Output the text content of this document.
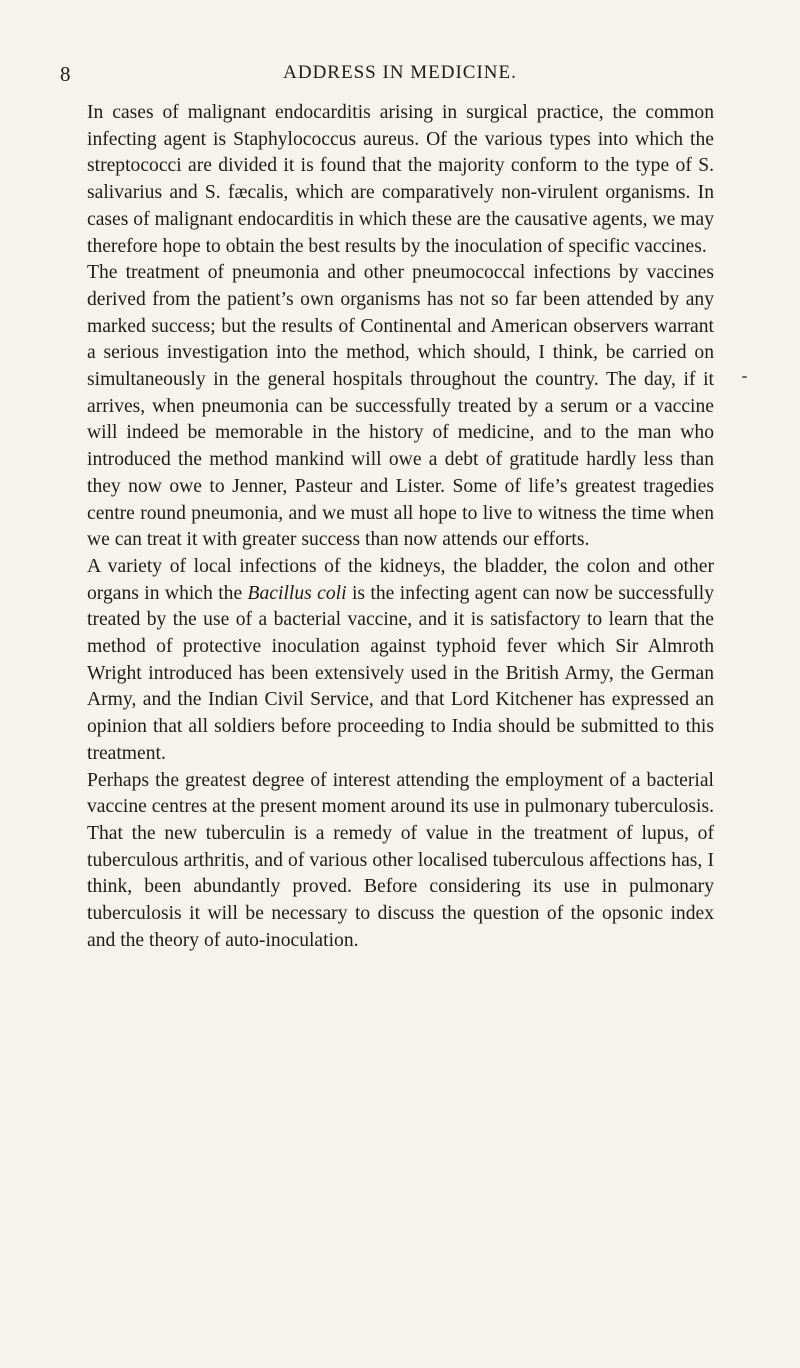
8	ADDRESS IN MEDICINE.

In cases of malignant endocarditis arising in surgical practice, the common infecting agent is Staphylococcus aureus. Of the various types into which the streptococci are divided it is found that the majority conform to the type of S. salivarius and S. fæcalis, which are comparatively non-virulent organisms. In cases of malignant endocarditis in which these are the causative agents, we may therefore hope to obtain the best results by the inoculation of specific vaccines.

The treatment of pneumonia and other pneumococcal infections by vaccines derived from the patient’s own organisms has not so far been attended by any marked success; but the results of Continental and American observers warrant a serious investigation into the method, which should, I think, be carried on simultaneously in the general hospitals throughout the country. The day, if it arrives, when pneumonia can be successfully treated by a serum or a vaccine will indeed be memorable in the history of medicine, and to the man who introduced the method mankind will owe a debt of gratitude hardly less than they now owe to Jenner, Pasteur and Lister. Some of life’s greatest tragedies centre round pneumonia, and we must all hope to live to witness the time when we can treat it with greater success than now attends our efforts.

A variety of local infections of the kidneys, the bladder, the colon and other organs in which the Bacillus coli is the infecting agent can now be successfully treated by the use of a bacterial vaccine, and it is satisfactory to learn that the method of protective inoculation against typhoid fever which Sir Almroth Wright introduced has been extensively used in the British Army, the German Army, and the Indian Civil Service, and that Lord Kitchener has expressed an opinion that all soldiers before proceeding to India should be submitted to this treatment.

Perhaps the greatest degree of interest attending the employment of a bacterial vaccine centres at the present moment around its use in pulmonary tuberculosis. That the new tuberculin is a remedy of value in the treatment of lupus, of tuberculous arthritis, and of various other localised tuberculous affections has, I think, been abundantly proved. Before considering its use in pulmonary tuberculosis it will be necessary to discuss the question of the opsonic index and the theory of auto-inoculation.
